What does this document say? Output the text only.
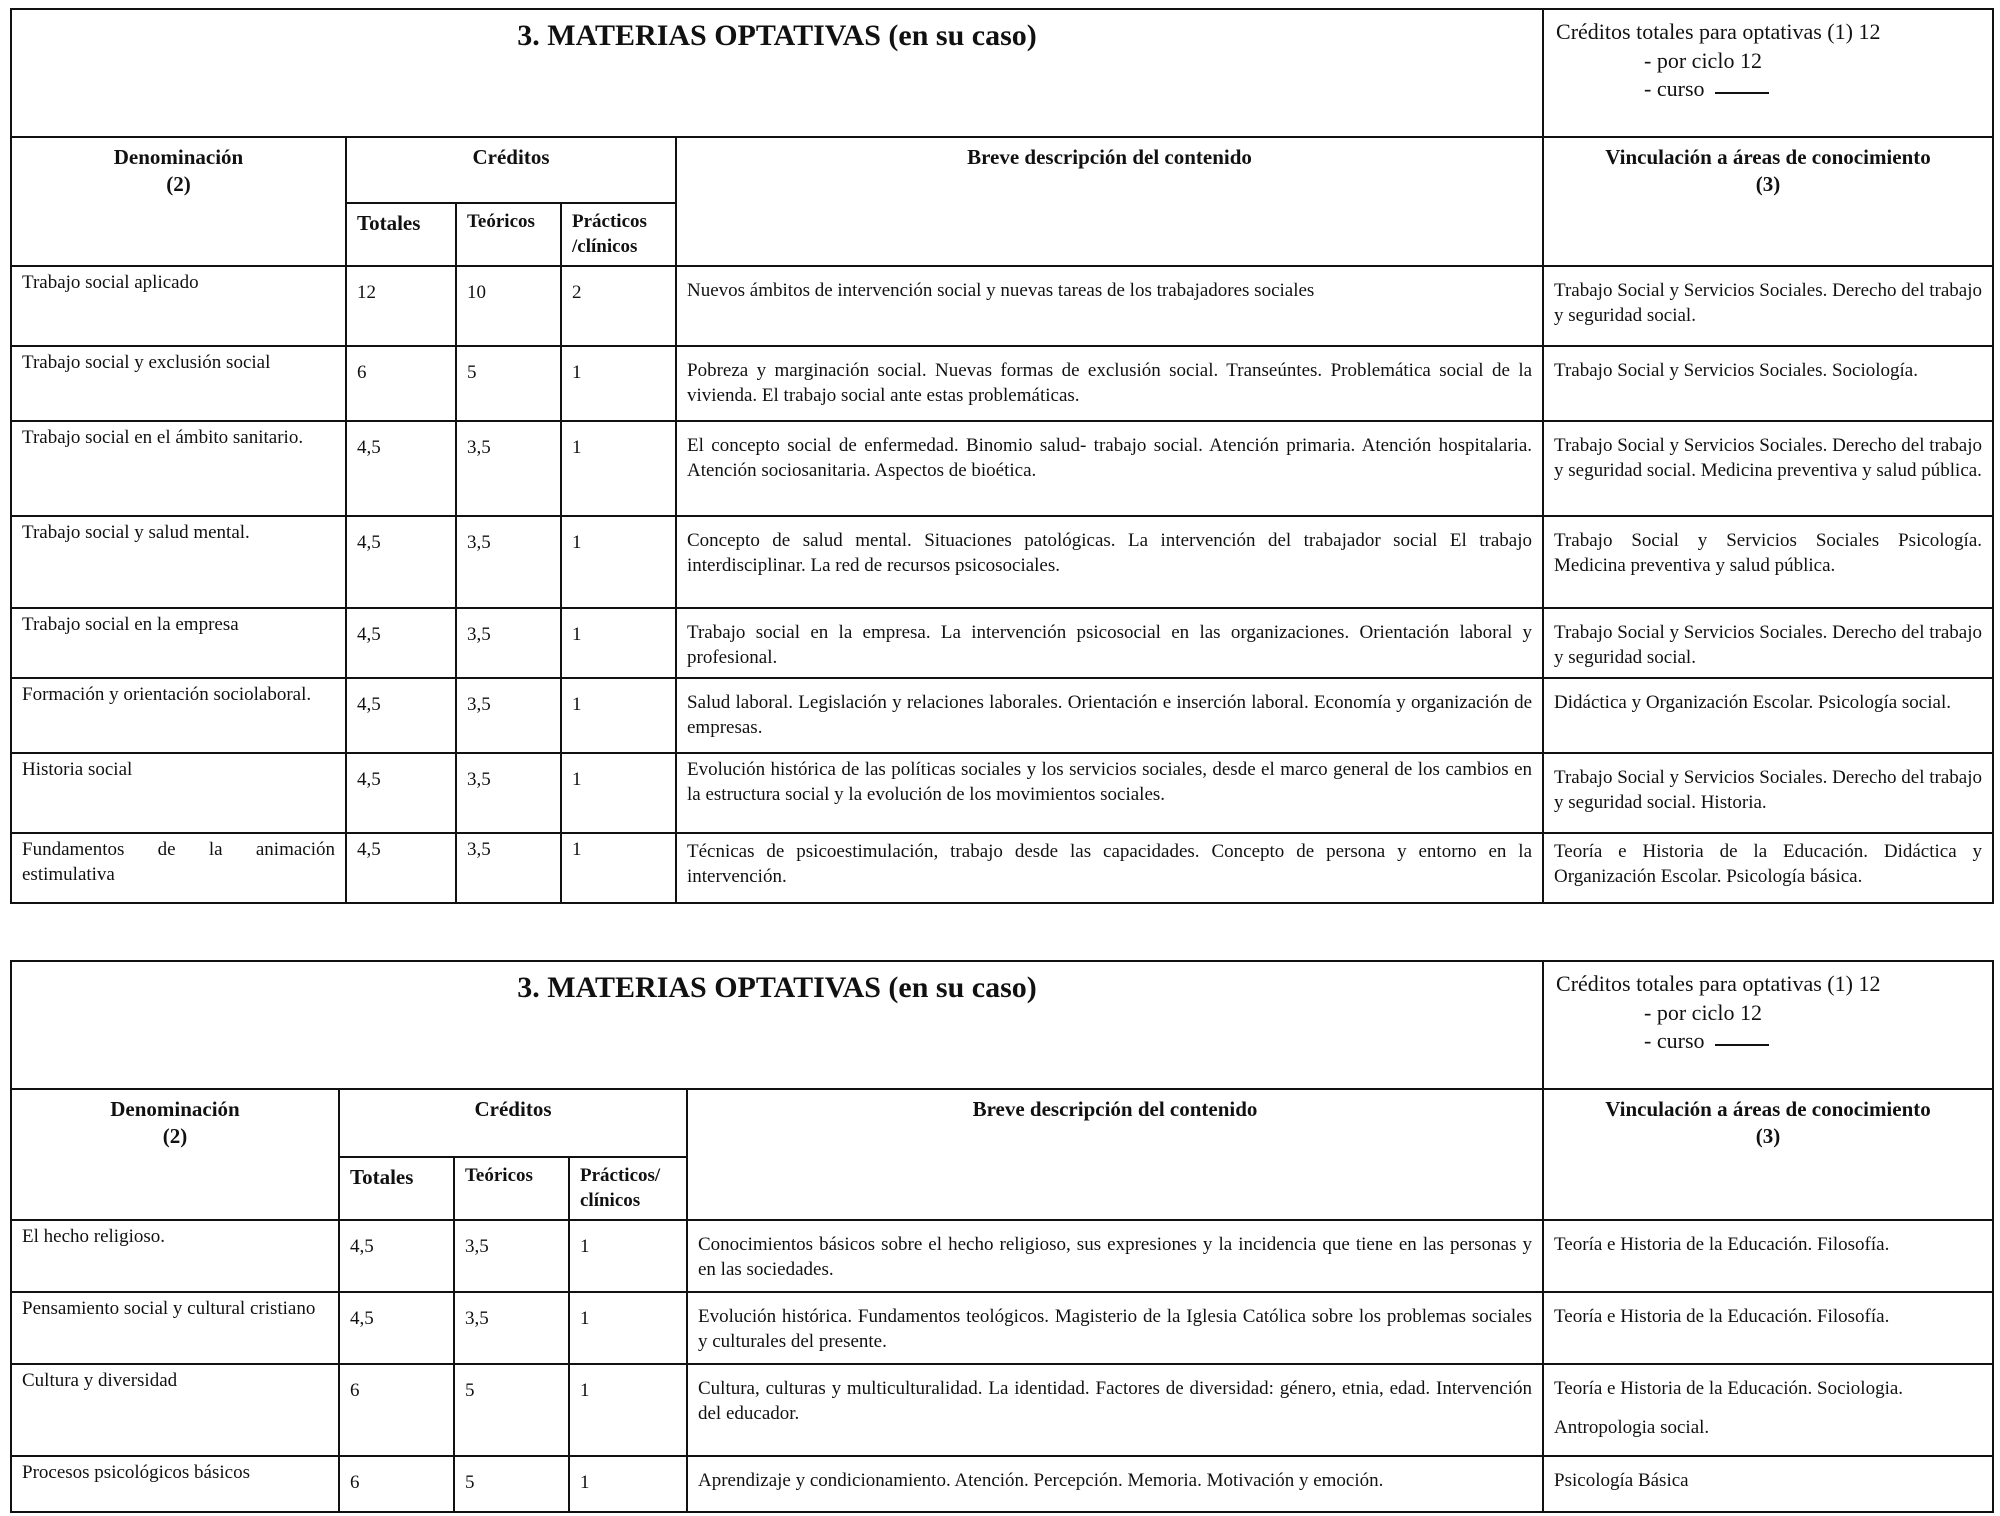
3. MATERIAS OPTATIVAS (en su caso)					Créditos totales para optativas (1) 12
- por ciclo 12
- curso

Denominación
(2)	Créditos			Breve descripción del contenido	Vinculación a áreas de conocimiento (3)
	Totales	Teóricos	Prácticos /clínicos		
Trabajo social aplicado	12	10	2	Nuevos ámbitos de intervención social y nuevas tareas de los trabajadores sociales	Trabajo Social y Servicios Sociales. Derecho del trabajo y seguridad social.
Trabajo social y exclusión social	6	5	1	Pobreza y marginación social. Nuevas formas de exclusión social. Transeúntes. Problemática social de la vivienda. El trabajo social ante estas problemáticas.	Trabajo Social y Servicios Sociales. Sociología.
Trabajo social en el ámbito sanitario.	4,5	3,5	1	El concepto social de enfermedad. Binomio salud- trabajo social. Atención primaria. Atención hospitalaria. Atención sociosanitaria. Aspectos de bioética.	Trabajo Social y Servicios Sociales. Derecho del trabajo y seguridad social. Medicina preventiva y salud pública.
Trabajo social y salud mental.	4,5	3,5	1	Concepto de salud mental. Situaciones patológicas. La intervención del trabajador social El trabajo interdisciplinar. La red de recursos psicosociales.	Trabajo Social y Servicios Sociales Psicología. Medicina preventiva y salud pública.
Trabajo social en la empresa	4,5	3,5	1	Trabajo social en la empresa. La intervención psicosocial en las organizaciones. Orientación laboral y profesional.	Trabajo Social y Servicios Sociales. Derecho del trabajo y seguridad social.
Formación y orientación sociolaboral.	4,5	3,5	1	Salud laboral. Legislación y relaciones laborales. Orientación e inserción laboral. Economía y organización de empresas.	Didáctica y Organización Escolar. Psicología social.
Historia social	4,5	3,5	1	Evolución histórica de las políticas sociales y los servicios sociales, desde el marco general de los cambios en la estructura social y la evolución de los movimientos sociales.	Trabajo Social y Servicios Sociales. Derecho del trabajo y seguridad social. Historia.
Fundamentos de la animación estimulativa	4,5	3,5	1	Técnicas de psicoestimulación, trabajo desde las capacidades. Concepto de persona y entorno en la intervención.	Teoría e Historia de la Educación. Didáctica y Organización Escolar. Psicología básica.
3. MATERIAS OPTATIVAS (en su caso)					Créditos totales para optativas (1) 12
- por ciclo 12
- curso

Denominación
(2)	Créditos			Breve descripción del contenido	Vinculación a áreas de conocimiento (3)
	Totales	Teóricos	Prácticos/ clínicos		
El hecho religioso.	4,5	3,5	1	Conocimientos básicos sobre el hecho religioso, sus expresiones y la incidencia que tiene en las personas y en las sociedades.	Teoría e Historia de la Educación. Filosofía.
Pensamiento social y cultural cristiano	4,5	3,5	1	Evolución histórica. Fundamentos teológicos. Magisterio de la Iglesia Católica sobre los problemas sociales y culturales del presente.	Teoría e Historia de la Educación. Filosofía.
Cultura y diversidad	6	5	1	Cultura, culturas y multiculturalidad. La identidad. Factores de diversidad: género, etnia, edad. Intervención del educador.	Teoría e Historia de la Educación. Sociologia.
Antropologia social.

Procesos psicológicos básicos	6	5	1	Aprendizaje y condicionamiento. Atención. Percepción. Memoria. Motivación y emoción.	Psicología Básica
